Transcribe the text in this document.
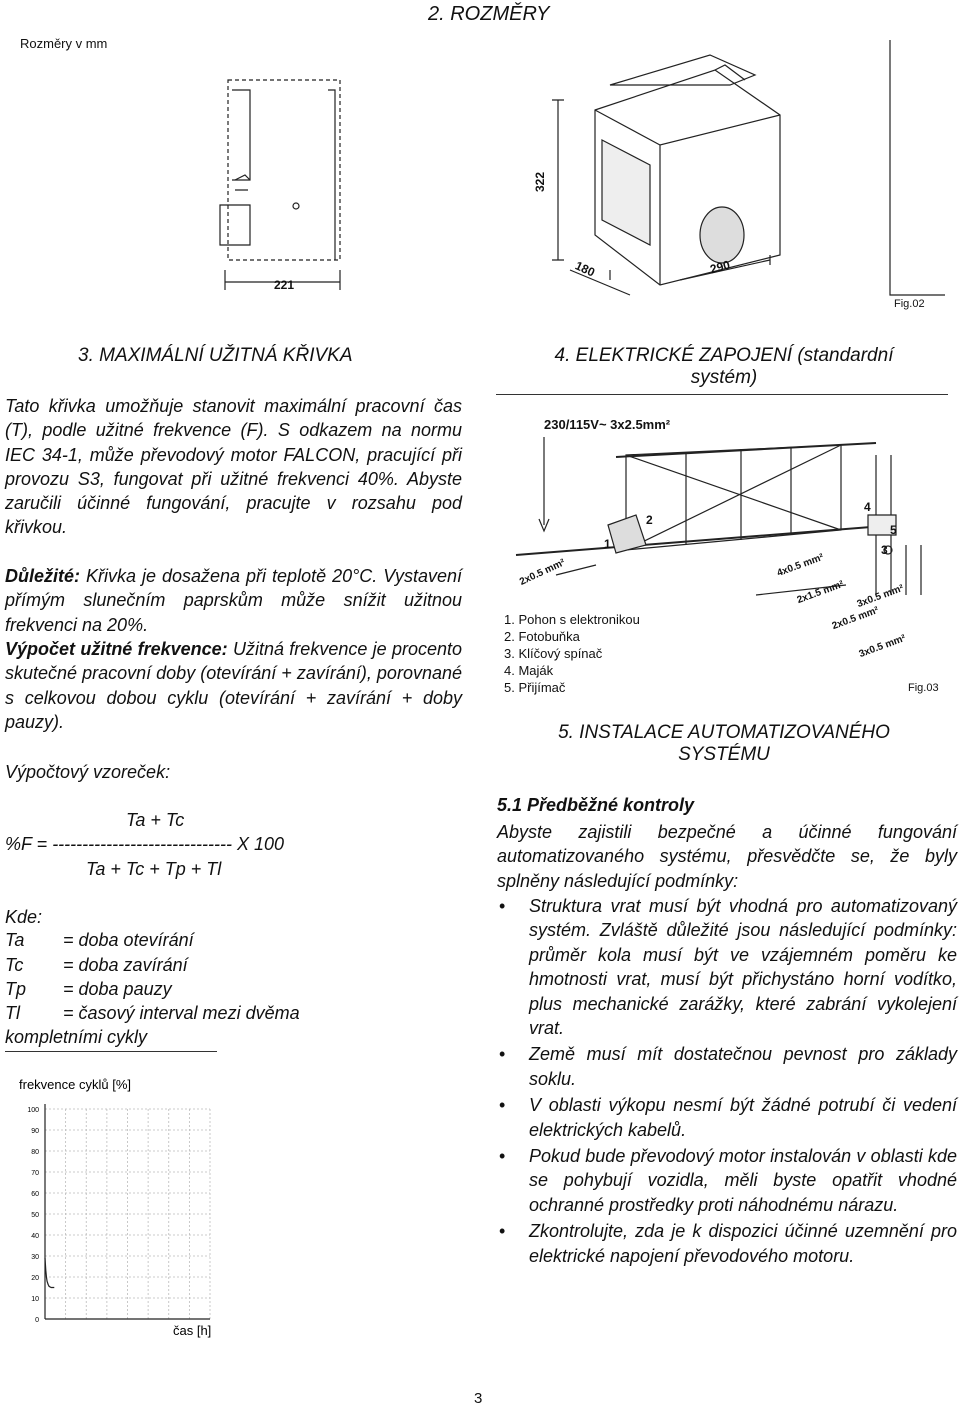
2. ROZMĚRY
Rozměry v mm
322
221
180	290
Fig.02
3. MAXIMÁLNÍ UŽITNÁ KŘIVKA
Tato křivka umožňuje stanovit maximální pracovní čas (T), podle užitné frekvence (F). S odkazem na normu IEC 34-1, může převodový motor FALCON, pracující při provozu S3, fungovat při užitné frekvenci 40%. Abyste zaručili účinné fungování, pracujte v rozsahu pod křivkou.
Důležité: Křivka je dosažena při teplotě 20°C. Vystavení přímým slunečním paprskům může snížit užitnou frekvenci na 20%.
Výpočet užitné frekvence: Užitná frekvence je procento skutečné pracovní doby (otevírání + zavírání), porovnané s celkovou dobou cyklu (otevírání + zavírání + doby pauzy).
Výpočtový vzoreček:
Ta + Tc
%F = ------------------------------ X 100
Ta + Tc + Tp + Tl
Kde:
Ta = doba otevírání
Tc = doba zavírání
Tp = doba pauzy
Tl = časový interval mezi dvěma
kompletními cykly
frekvence cyklů [%]
100
90
80
70
60
50
40
30
20
10
0
čas [h]
4. ELEKTRICKÉ ZAPOJENÍ (standardní
systém)
230/115V~ 3x2.5mm²
1
2
3
4
5
2x0.5 mm²	4x0.5 mm²
2x1.5 mm²
2x0.5 mm²
3x0.5 mm²
3x0.5 mm²
1. Pohon s elektronikou
2. Fotobuňka
3. Klíčový spínač
4. Maják
5. Přijímač	Fig.03
5. INSTALACE AUTOMATIZOVANÉHO
SYSTÉMU
5.1 Předběžné kontroly
Abyste zajistili bezpečné a účinné fungování automatizovaného systému, přesvědčte se, že byly splněny následující podmínky:
• Struktura vrat musí být vhodná pro automatizovaný systém. Zvláště důležité jsou následující podmínky: průměr kola musí být ve vzájemném poměru ke hmotnosti vrat, musí být přichystáno horní vodítko, plus mechanické zarážky, které zabrání vykolejení vrat.
• Země musí mít dostatečnou pevnost pro základy soklu.
• V oblasti výkopu nesmí být žádné potrubí či vedení elektrických kabelů.
• Pokud bude převodový motor instalován v oblasti kde se pohybují vozidla, měli byste opatřit vhodné ochranné prostředky proti náhodnému nárazu.
• Zkontrolujte, zda je k dispozici účinné uzemnění pro elektrické napojení převodového motoru.
3
